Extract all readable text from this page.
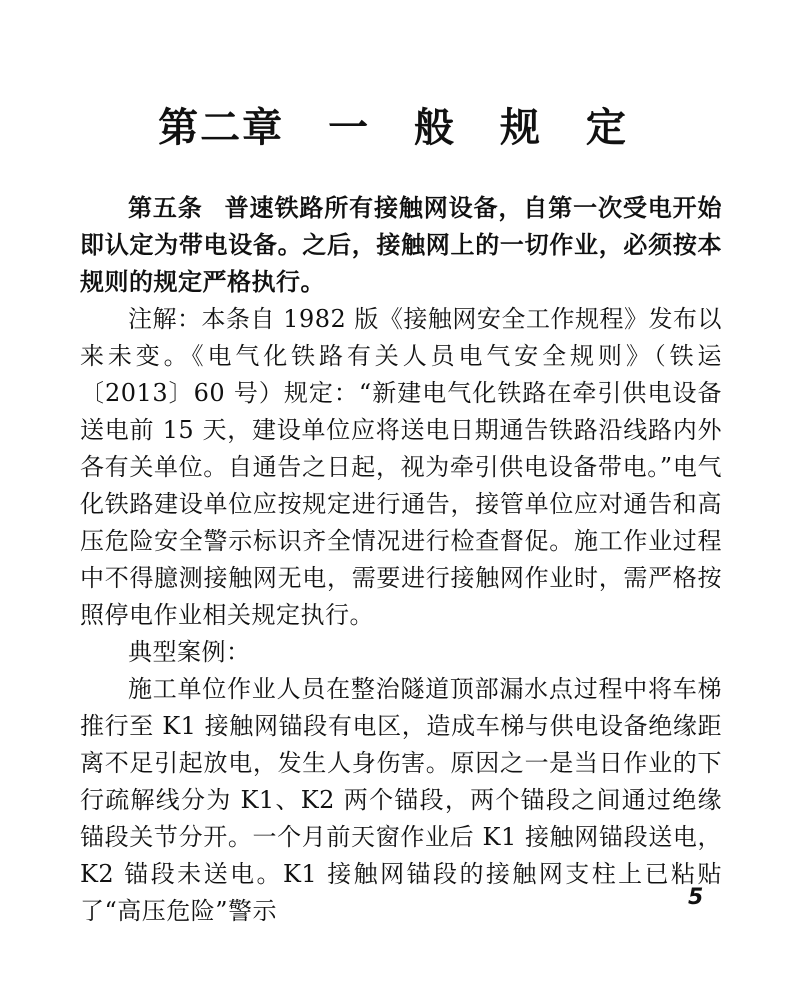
第二章 一 般 规 定

第五条 普速铁路所有接触网设备，自第一次受电开始即认定为带电设备。之后，接触网上的一切作业，必须按本规则的规定严格执行。

注解：本条自 1982 版《接触网安全工作规程》发布以来未变。《电气化铁路有关人员电气安全规则》（铁运〔2013〕60 号）规定：“新建电气化铁路在牵引供电设备送电前 15 天，建设单位应将送电日期通告铁路沿线路内外各有关单位。自通告之日起，视为牵引供电设备带电。”电气化铁路建设单位应按规定进行通告，接管单位应对通告和高压危险安全警示标识齐全情况进行检查督促。施工作业过程中不得臆测接触网无电，需要进行接触网作业时，需严格按照停电作业相关规定执行。

典型案例：

施工单位作业人员在整治隧道顶部漏水点过程中将车梯推行至 K1 接触网锚段有电区，造成车梯与供电设备绝缘距离不足引起放电，发生人身伤害。原因之一是当日作业的下行疏解线分为 K1、K2 两个锚段，两个锚段之间通过绝缘锚段关节分开。一个月前天窗作业后 K1 接触网锚段送电，K2 锚段未送电。K1 接触网锚段的接触网支柱上已粘贴了“高压危险”警示	5
